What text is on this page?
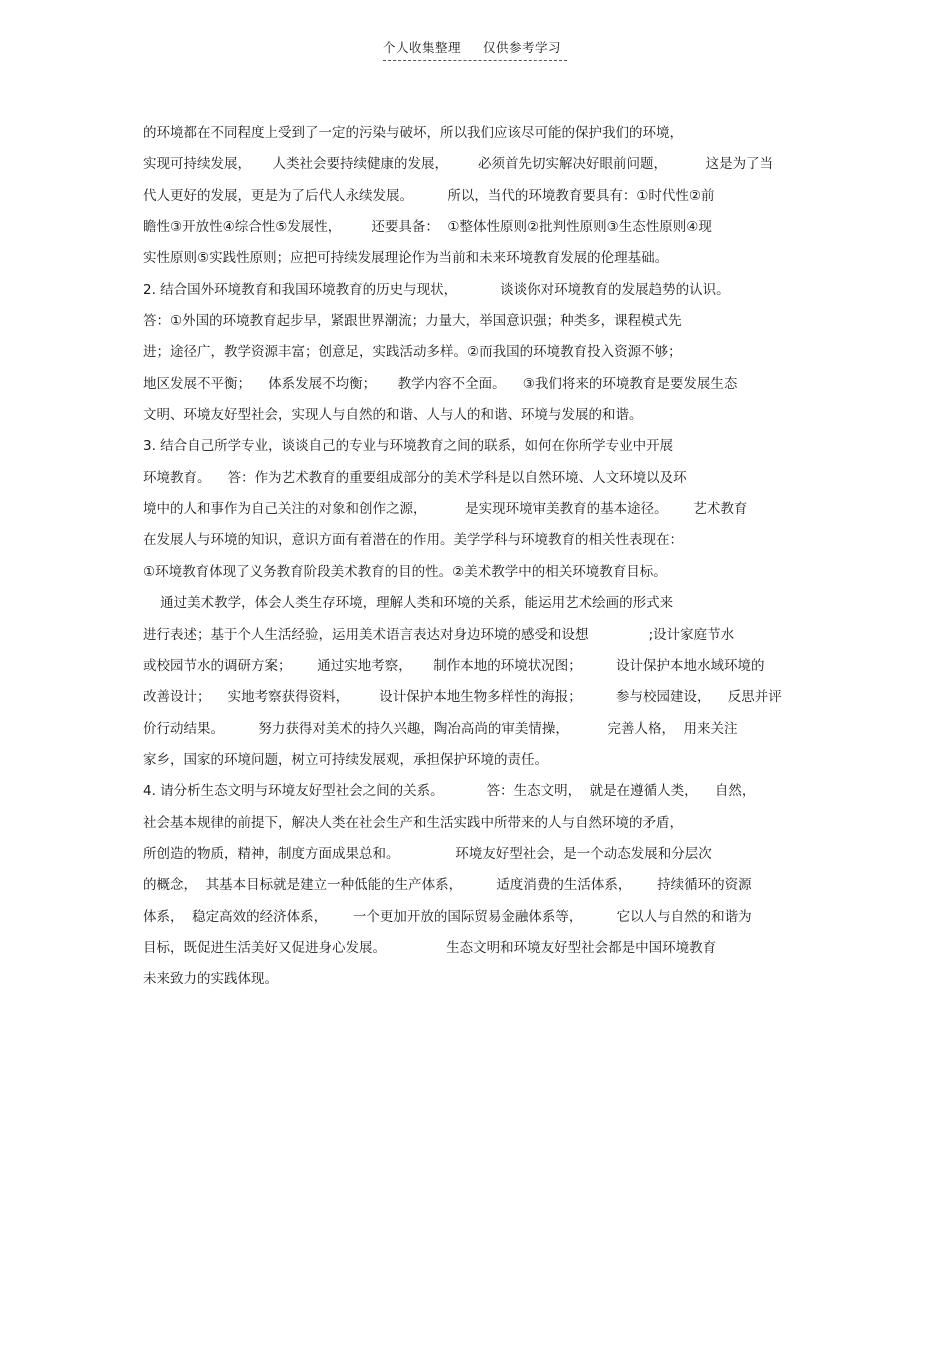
个人收集整理 仅供参考学习
的环境都在不同程度上受到了一定的污染与破坏，所以我们应该尽可能的保护我们的环境，
实现可持续发展，     人类社会要持续健康的发展，       必须首先切实解决好眼前问题，         这是为了当
代人更好的发展，更是为了后代人永续发展。        所以，当代的环境教育要具有：①时代性②前
瞻性③开放性④综合性⑤发展性，       还要具备：  ①整体性原则②批判性原则③生态性原则④现
实性原则⑤实践性原则；应把可持续发展理论作为当前和未来环境教育发展的伦理基础。
2. 结合国外环境教育和我国环境教育的历史与现状，          谈谈你对环境教育的发展趋势的认识。
答：①外国的环境教育起步早，紧跟世界潮流；力量大，举国意识强；种类多，课程模式先
进；途径广，教学资源丰富；创意足，实践活动多样。②而我国的环境教育投入资源不够；
地区发展不平衡；    体系发展不均衡；     教学内容不全面。    ③我们将来的环境教育是要发展生态
文明、环境友好型社会，实现人与自然的和谐、人与人的和谐、环境与发展的和谐。
3. 结合自己所学专业，谈谈自己的专业与环境教育之间的联系，如何在你所学专业中开展
环境教育。    答：作为艺术教育的重要组成部分的美术学科是以自然环境、人文环境以及环
境中的人和事作为自己关注的对象和创作之源，         是实现环境审美教育的基本途径。      艺术教育
在发展人与环境的知识，意识方面有着潜在的作用。美学学科与环境教育的相关性表现在：
①环境教育体现了义务教育阶段美术教育的目的性。②美术教学中的相关环境教育目标。
通过美术教学，体会人类生存环境，理解人类和环境的关系，能运用艺术绘画的形式来
进行表述；基于个人生活经验，运用美术语言表达对身边环境的感受和设想              ;设计家庭节水
或校园节水的调研方案；      通过实地考察，     制作本地的环境状况图；        设计保护本地水域环境的
改善设计；    实地考察获得资料，       设计保护本地生物多样性的海报；        参与校园建设，    反思并评
价行动结果。        努力获得对美术的持久兴趣，陶冶高尚的审美情操，         完善人格，  用来关注
家乡，国家的环境问题，树立可持续发展观，承担保护环境的责任。
4. 请分析生态文明与环境友好型社会之间的关系。          答：生态文明，  就是在遵循人类，    自然，
社会基本规律的前提下，解决人类在社会生产和生活实践中所带来的人与自然环境的矛盾，
所创造的物质，精神，制度方面成果总和。             环境友好型社会，是一个动态发展和分层次
的概念，  其基本目标就是建立一种低能的生产体系，        适度消费的生活体系，      持续循环的资源
体系，  稳定高效的经济体系，      一个更加开放的国际贸易金融体系等，        它以人与自然的和谐为
目标，既促进生活美好又促进身心发展。              生态文明和环境友好型社会都是中国环境教育
未来致力的实践体现。
